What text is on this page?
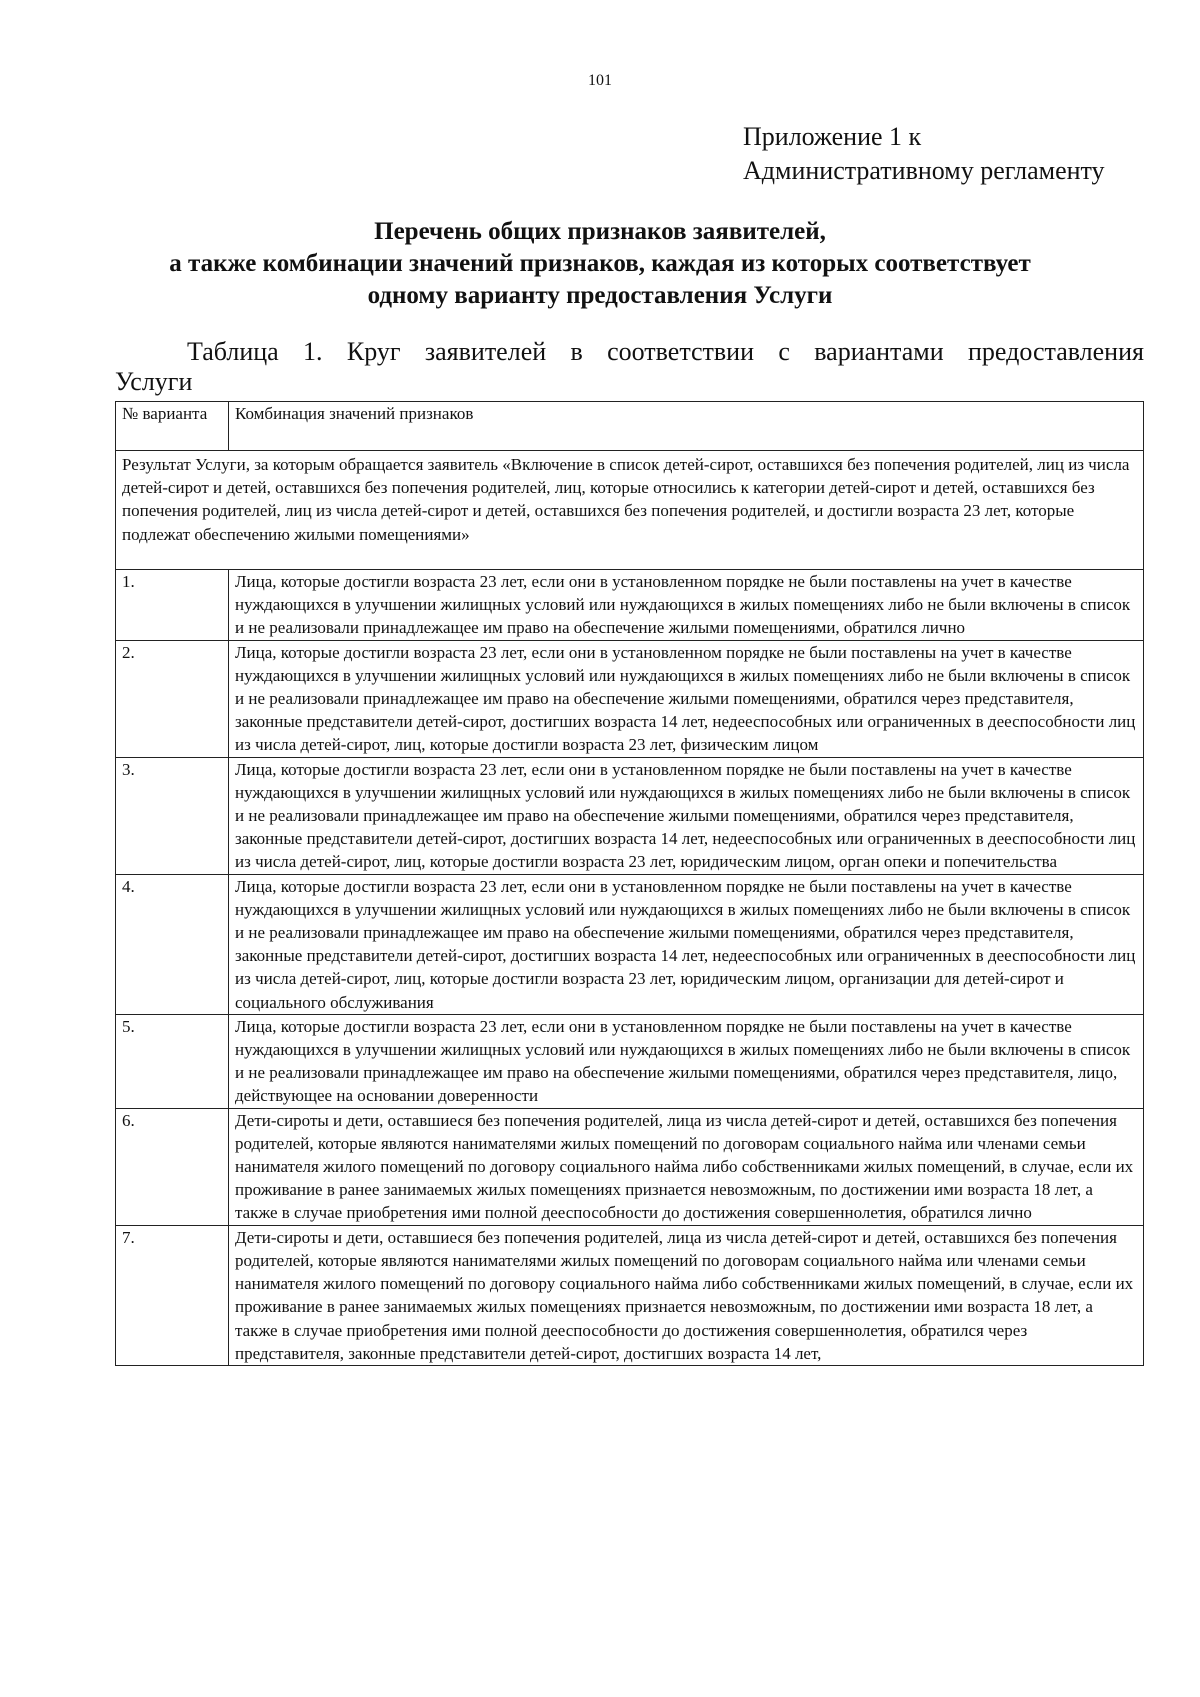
101
Приложение 1 к
Административному регламенту
Перечень общих признаков заявителей,
а также комбинации значений признаков, каждая из которых соответствует
одному варианту предоставления Услуги
Таблица 1. Круг заявителей в соответствии с вариантами предоставления
Услуги
№ варианта	Комбинация значений признаков
Результат Услуги, за которым обращается заявитель «Включение в список детей-сирот, оставшихся без попечения родителей, лиц из числа детей-сирот и детей, оставшихся без попечения родителей, лиц, которые относились к категории детей-сирот и детей, оставшихся без попечения родителей, лиц из числа детей-сирот и детей, оставшихся без попечения родителей, и достигли возраста 23 лет, которые подлежат обеспечению жилыми помещениями»	
1.	Лица, которые достигли возраста 23 лет, если они в установленном порядке не были поставлены на учет в качестве нуждающихся в улучшении жилищных условий или нуждающихся в жилых помещениях либо не были включены в список и не реализовали принадлежащее им право на обеспечение жилыми помещениями, обратился лично
2.	Лица, которые достигли возраста 23 лет, если они в установленном порядке не были поставлены на учет в качестве нуждающихся в улучшении жилищных условий или нуждающихся в жилых помещениях либо не были включены в список и не реализовали принадлежащее им право на обеспечение жилыми помещениями, обратился через представителя, законные представители детей-сирот, достигших возраста 14 лет, недееспособных или ограниченных в дееспособности лиц из числа детей-сирот, лиц, которые достигли возраста 23 лет, физическим лицом
3.	Лица, которые достигли возраста 23 лет, если они в установленном порядке не были поставлены на учет в качестве нуждающихся в улучшении жилищных условий или нуждающихся в жилых помещениях либо не были включены в список и не реализовали принадлежащее им право на обеспечение жилыми помещениями, обратился через представителя, законные представители детей-сирот, достигших возраста 14 лет, недееспособных или ограниченных в дееспособности лиц из числа детей-сирот, лиц, которые достигли возраста 23 лет, юридическим лицом, орган опеки и попечительства
4.	Лица, которые достигли возраста 23 лет, если они в установленном порядке не были поставлены на учет в качестве нуждающихся в улучшении жилищных условий или нуждающихся в жилых помещениях либо не были включены в список и не реализовали принадлежащее им право на обеспечение жилыми помещениями, обратился через представителя, законные представители детей-сирот, достигших возраста 14 лет, недееспособных или ограниченных в дееспособности лиц из числа детей-сирот, лиц, которые достигли возраста 23 лет, юридическим лицом, организации для детей-сирот и социального обслуживания
5.	Лица, которые достигли возраста 23 лет, если они в установленном порядке не были поставлены на учет в качестве нуждающихся в улучшении жилищных условий или нуждающихся в жилых помещениях либо не были включены в список и не реализовали принадлежащее им право на обеспечение жилыми помещениями, обратился через представителя, лицо, действующее на основании доверенности
6.	Дети-сироты и дети, оставшиеся без попечения родителей, лица из числа детей-сирот и детей, оставшихся без попечения родителей, которые являются нанимателями жилых помещений по договорам социального найма или членами семьи нанимателя жилого помещений по договору социального найма либо собственниками жилых помещений, в случае, если их проживание в ранее занимаемых жилых помещениях признается невозможным, по достижении ими возраста 18 лет, а также в случае приобретения ими полной дееспособности до достижения совершеннолетия, обратился лично
7.	Дети-сироты и дети, оставшиеся без попечения родителей, лица из числа детей-сирот и детей, оставшихся без попечения родителей, которые являются нанимателями жилых помещений по договорам социального найма или членами семьи нанимателя жилого помещений по договору социального найма либо собственниками жилых помещений, в случае, если их проживание в ранее занимаемых жилых помещениях признается невозможным, по достижении ими возраста 18 лет, а также в случае приобретения ими полной дееспособности до достижения совершеннолетия, обратился через представителя, законные представители детей-сирот, достигших возраста 14 лет,
